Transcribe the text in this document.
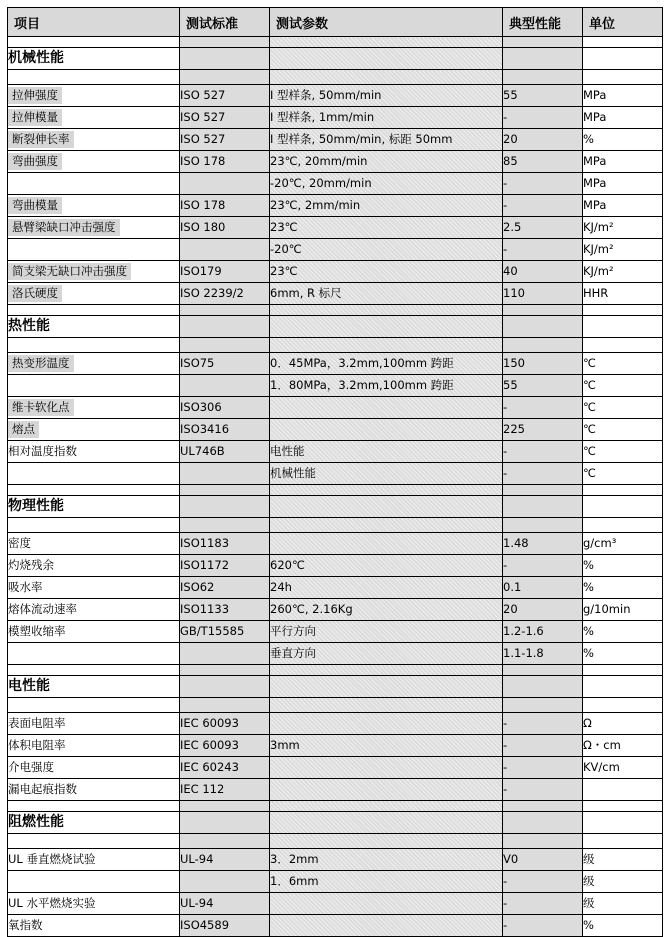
项目	测试标准	测试参数	典型性能	单位

机械性能				

拉伸强度	ISO 527	I 型样条, 50mm/min	55	MPa
拉伸模量	ISO 527	I 型样条, 1mm/min	-	MPa
断裂伸长率	ISO 527	I 型样条, 50mm/min, 标距 50mm	20	%
弯曲强度	ISO 178	23℃, 20mm/min	85	MPa
		-20℃, 20mm/min	-	MPa
弯曲模量	ISO 178	23℃, 2mm/min	-	MPa
悬臂梁缺口冲击强度	ISO 180	23℃	2.5	KJ/m²
		-20℃	-	KJ/m²
简支梁无缺口冲击强度	ISO179	23℃	40	KJ/m²
洛氏硬度	ISO 2239/2	6mm, R 标尺	110	HHR

热性能				

热变形温度	ISO75	0．45MPa，3.2mm,100mm 跨距	150	℃
		1．80MPa，3.2mm,100mm 跨距	55	℃
维卡软化点	ISO306		-	℃
熔点	ISO3416		225	℃
相对温度指数	UL746B	电性能	-	℃
		机械性能	-	℃

物理性能				

密度	ISO1183		1.48	g/cm³
灼烧残余	ISO1172	620℃	-	%
吸水率	ISO62	24h	0.1	%
熔体流动速率	ISO1133	260℃, 2.16Kg	20	g/10min
模塑收缩率	GB/T15585	平行方向	1.2-1.6	%
		垂直方向	1.1-1.8	%

电性能				

表面电阻率	IEC 60093		-	Ω
体积电阻率	IEC 60093	3mm	-	Ω・cm
介电强度	IEC 60243		-	KV/cm
漏电起痕指数	IEC 112		-	

阻燃性能				

UL 垂直燃烧试验	UL-94	3．2mm	V0	级
		1．6mm	-	级
UL 水平燃烧实验	UL-94		-	级
氧指数	ISO4589		-	%
